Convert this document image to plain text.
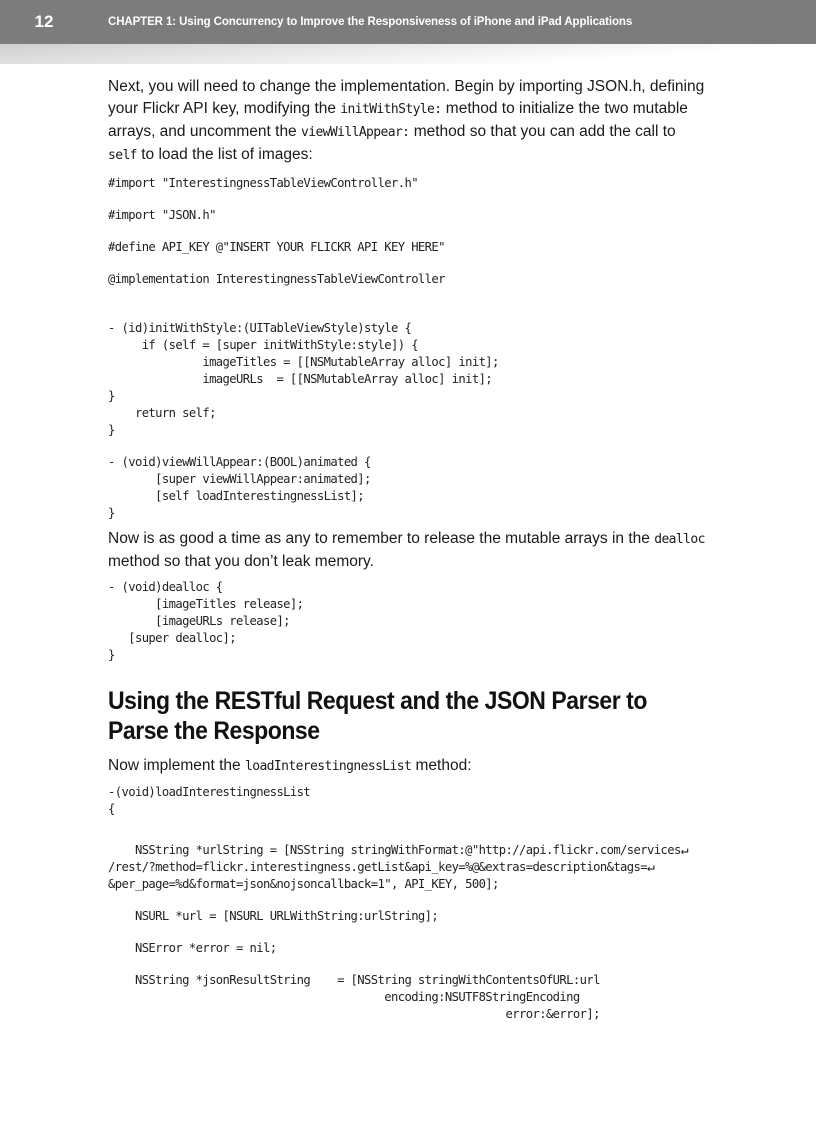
12	CHAPTER 1: Using Concurrency to Improve the Responsiveness of iPhone and iPad Applications

Next, you will need to change the implementation. Begin by importing JSON.h, defining your Flickr API key, modifying the initWithStyle: method to initialize the two mutable arrays, and uncomment the viewWillAppear: method so that you can add the call to self to load the list of images:

#import "InterestingnessTableViewController.h"
#import "JSON.h"
#define API_KEY @"INSERT YOUR FLICKR API KEY HERE"
@implementation InterestingnessTableViewController
- (id)initWithStyle:(UITableViewStyle)style {
if (self = [super initWithStyle:style]) {
imageTitles = [[NSMutableArray alloc] init];
imageURLs  = [[NSMutableArray alloc] init];
}
return self;
}
- (void)viewWillAppear:(BOOL)animated {
[super viewWillAppear:animated];
[self loadInterestingnessList];
}

Now is as good a time as any to remember to release the mutable arrays in the dealloc method so that you don’t leak memory.

- (void)dealloc {
[imageTitles release];
[imageURLs release];
[super dealloc];
}
Using the RESTful Request and the JSON Parser to Parse the Response

Now implement the loadInterestingnessList method:

-(void)loadInterestingnessList
{
NSString *urlString = [NSString stringWithFormat:@"http://api.flickr.com/services↵
/rest/?method=flickr.interestingness.getList&api_key=%@&extras=description&tags=↵
&per_page=%d&format=json&nojsoncallback=1", API_KEY, 500];
NSURL *url = [NSURL URLWithString:urlString];
NSError *error = nil;
NSString *jsonResultString    = [NSString stringWithContentsOfURL:url
encoding:NSUTF8StringEncoding
error:&error];
